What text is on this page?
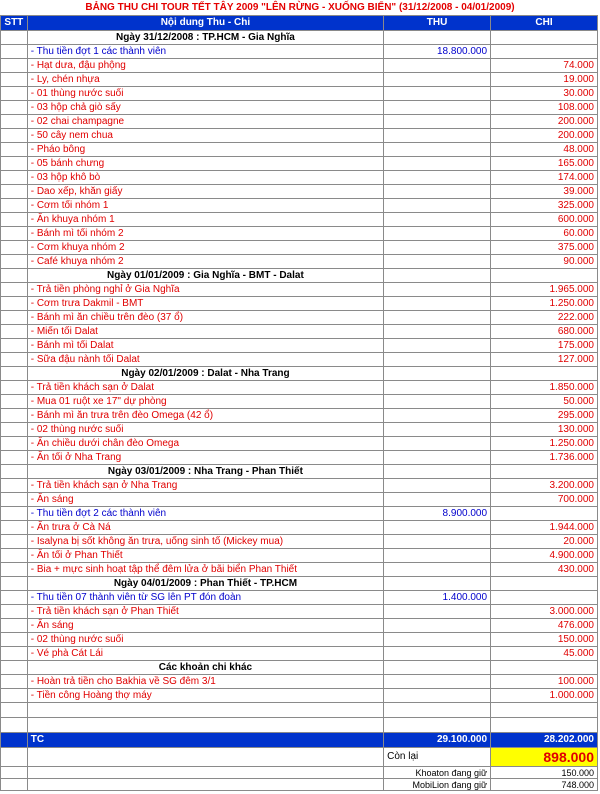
BẢNG THU CHI TOUR TẾT TÂY 2009 "LÊN RỪNG - XUỐNG BIỂN" (31/12/2008 - 04/01/2009)
STT	Nội dung Thu - Chi	THU	CHI
	Ngày 31/12/2008 : TP.HCM - Gia Nghĩa		
	- Thu tiền đợt 1 các thành viên	18.800.000	
	- Hạt dưa, đậu phộng		74.000
	- Ly, chén nhựa		19.000
	- 01 thùng nước suối		30.000
	- 03 hộp chả giò sấy		108.000
	- 02 chai champagne		200.000
	- 50 cây nem chua		200.000
	- Pháo bông		48.000
	- 05 bánh chưng		165.000
	- 03 hộp khô bò		174.000
	- Dao xếp, khăn giấy		39.000
	- Cơm tối nhóm 1		325.000
	- Ăn khuya nhóm 1		600.000
	- Bánh mì tối nhóm 2		60.000
	- Cơm khuya nhóm 2		375.000
	- Café khuya nhóm 2		90.000
	Ngày 01/01/2009 : Gia Nghĩa - BMT - Dalat		
	- Trả tiền phòng nghỉ ở Gia Nghĩa		1.965.000
	- Cơm trưa Dakmil - BMT		1.250.000
	- Bánh mì ăn chiều trên đèo (37 ổ)		222.000
	- Miến tối Dalat		680.000
	- Bánh mì tối Dalat		175.000
	- Sữa đậu nành tối Dalat		127.000
	Ngày 02/01/2009 : Dalat - Nha Trang		
	- Trả tiền khách sạn ở Dalat		1.850.000
	- Mua 01 ruột xe 17" dự phòng		50.000
	- Bánh mì ăn trưa trên đèo Omega (42 ổ)		295.000
	- 02 thùng nước suối		130.000
	- Ăn chiều dưới chân đèo Omega		1.250.000
	- Ăn tối ở Nha Trang		1.736.000
	Ngày 03/01/2009 : Nha Trang - Phan Thiết		
	- Trả tiền khách sạn ở Nha Trang		3.200.000
	- Ăn sáng		700.000
	- Thu tiền đợt 2 các thành viên	8.900.000	
	- Ăn trưa ở Cà Ná		1.944.000
	- Isalyna bị sốt không ăn trưa, uống sinh tố (Mickey mua)		20.000
	- Ăn tối ở Phan Thiết		4.900.000
	- Bia + mực sinh hoạt tập thể đêm lửa ở bãi biển Phan Thiết		430.000
	Ngày 04/01/2009 : Phan Thiết - TP.HCM		
	- Thu tiền 07 thành viên từ SG lên PT đón đoàn	1.400.000	
	- Trả tiền khách sạn ở Phan Thiết		3.000.000
	- Ăn sáng		476.000
	- 02 thùng nước suối		150.000
	- Vé phà Cát Lái		45.000
	Các khoản chi khác		
	- Hoàn trả tiền cho Bakhia về SG đêm 3/1		100.000
	- Tiền công Hoàng thợ máy		1.000.000

	TC	29.100.000	28.202.000
		Còn lại	898.000
		Khoaton đang giữ	150.000
		MobiLion đang giữ	748.000
